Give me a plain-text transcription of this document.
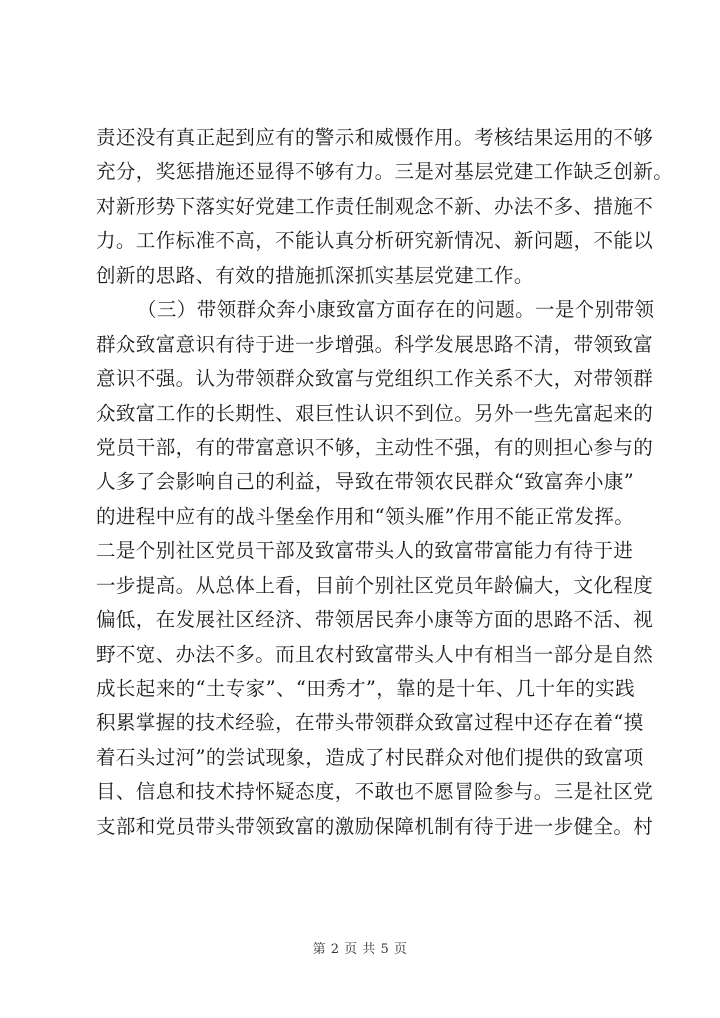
责还没有真正起到应有的警示和威慑作用。考核结果运用的不够
充分，奖惩措施还显得不够有力。三是对基层党建工作缺乏创新。
对新形势下落实好党建工作责任制观念不新、办法不多、措施不
力。工作标准不高，不能认真分析研究新情况、新问题，不能以
创新的思路、有效的措施抓深抓实基层党建工作。
（三）带领群众奔小康致富方面存在的问题。一是个别带领
群众致富意识有待于进一步增强。科学发展思路不清，带领致富
意识不强。认为带领群众致富与党组织工作关系不大，对带领群
众致富工作的长期性、艰巨性认识不到位。另外一些先富起来的
党员干部，有的带富意识不够，主动性不强，有的则担心参与的
人多了会影响自己的利益，导致在带领农民群众“致富奔小康”
的进程中应有的战斗堡垒作用和“领头雁”作用不能正常发挥。
二是个别社区党员干部及致富带头人的致富带富能力有待于进
一步提高。从总体上看，目前个别社区党员年龄偏大，文化程度
偏低，在发展社区经济、带领居民奔小康等方面的思路不活、视
野不宽、办法不多。而且农村致富带头人中有相当一部分是自然
成长起来的“土专家”、“田秀才”，靠的是十年、几十年的实践
积累掌握的技术经验，在带头带领群众致富过程中还存在着“摸
着石头过河”的尝试现象，造成了村民群众对他们提供的致富项
目、信息和技术持怀疑态度，不敢也不愿冒险参与。三是社区党
支部和党员带头带领致富的激励保障机制有待于进一步健全。村
第 2 页 共 5 页
